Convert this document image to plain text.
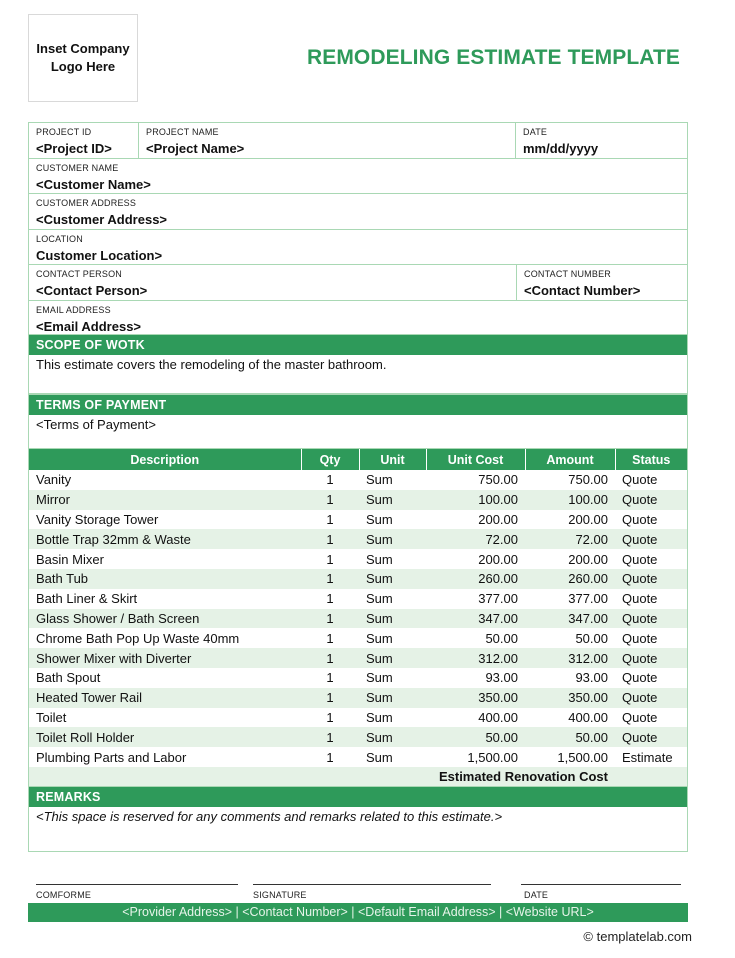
Inset Company
Logo Here	REMODELING ESTIMATE TEMPLATE
PROJECT ID
<Project ID>
PROJECT NAME
<Project Name>
DATE
mm/dd/yyyy
CUSTOMER NAME
<Customer Name>
CUSTOMER ADDRESS
<Customer Address>
LOCATION
Customer Location>
CONTACT PERSON
<Contact Person>
CONTACT NUMBER
<Contact Number>
EMAIL ADDRESS
<Email Address>
SCOPE OF WOTK
This estimate covers the remodeling of the master bathroom.
TERMS OF PAYMENT
<Terms of Payment>
Description	Qty	Unit	Unit Cost	Amount	Status
Vanity	1	Sum	750.00	750.00	Quote
Mirror	1	Sum	100.00	100.00	Quote
Vanity Storage Tower	1	Sum	200.00	200.00	Quote
Bottle Trap 32mm & Waste	1	Sum	72.00	72.00	Quote
Basin Mixer	1	Sum	200.00	200.00	Quote
Bath Tub	1	Sum	260.00	260.00	Quote
Bath Liner & Skirt	1	Sum	377.00	377.00	Quote
Glass Shower / Bath Screen	1	Sum	347.00	347.00	Quote
Chrome Bath Pop Up Waste 40mm	1	Sum	50.00	50.00	Quote
Shower Mixer with Diverter	1	Sum	312.00	312.00	Quote
Bath Spout	1	Sum	93.00	93.00	Quote
Heated Tower Rail	1	Sum	350.00	350.00	Quote
Toilet	1	Sum	400.00	400.00	Quote
Toilet Roll Holder	1	Sum	50.00	50.00	Quote
Plumbing Parts and Labor	1	Sum	1,500.00	1,500.00	Estimate
		Estimated Renovation Cost			
REMARKS
<This space is reserved for any comments and remarks related to this estimate.>
COMFORME	SIGNATURE	DATE
<Provider Address> | <Contact Number> | <Default Email Address> | <Website URL>
© templatelab.com
